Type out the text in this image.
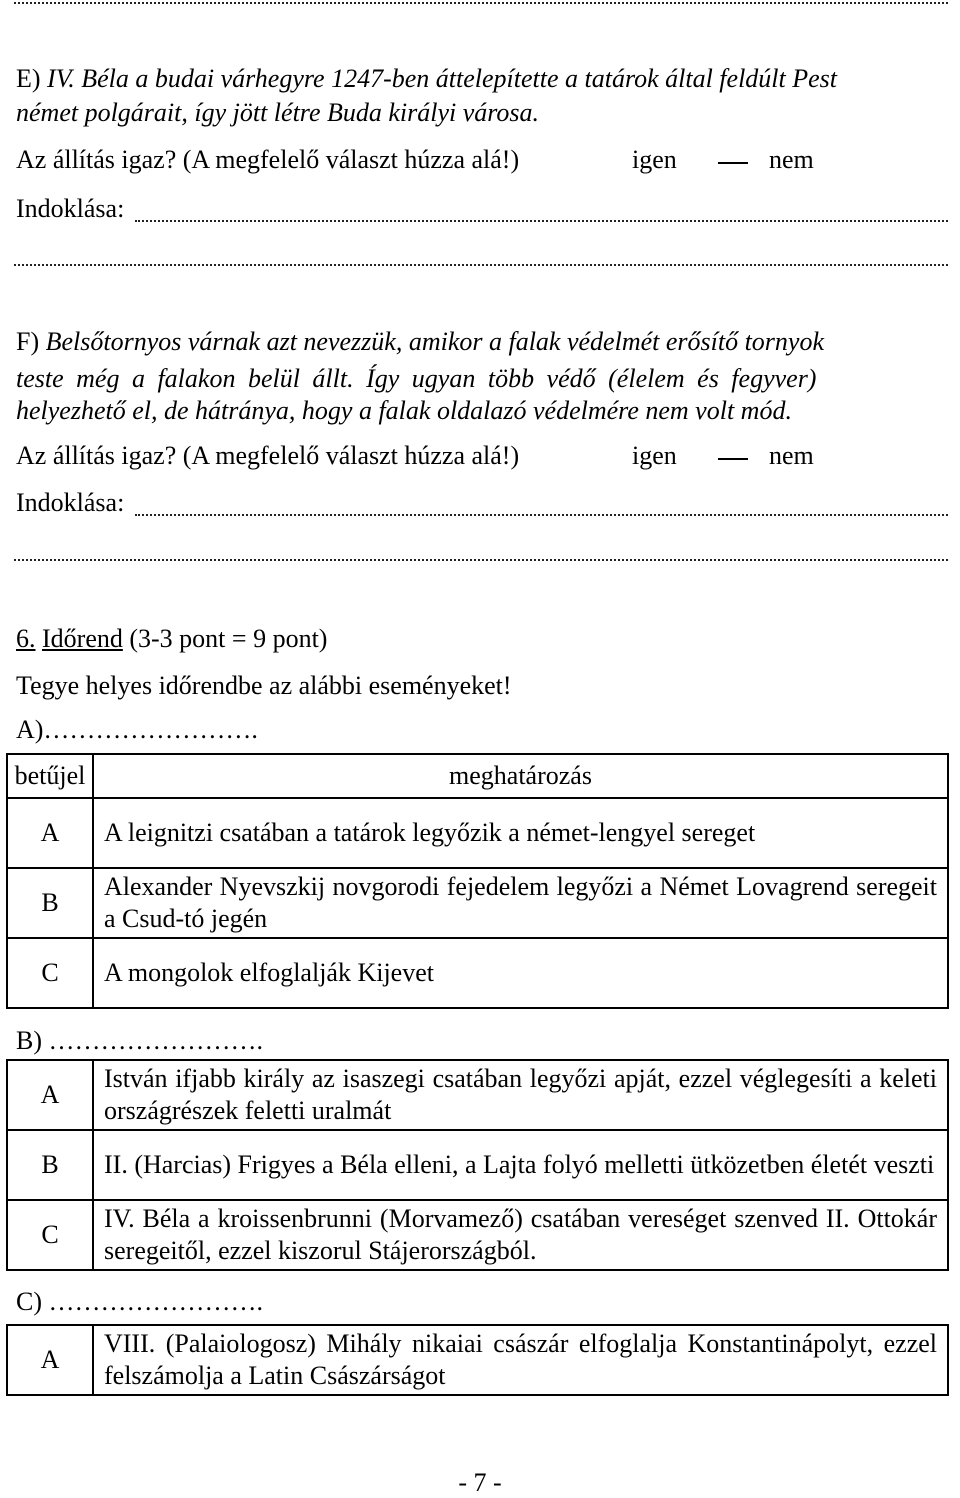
E) IV. Béla a budai várhegyre 1247-ben áttelepítette a tatárok által feldúlt Pest
német polgárait, így jött létre Buda királyi városa.
Az állítás igaz? (A megfelelő választ húzza alá!)	igen	nem
Indoklása:
F) Belsőtornyos várnak azt nevezzük, amikor a falak védelmét erősítő tornyok
teste még a falakon belül állt. Így ugyan több védő (élelem és fegyver)
helyezhető el, de hátránya, hogy a falak oldalazó védelmére nem volt mód.
Az állítás igaz? (A megfelelő választ húzza alá!)	igen	nem
Indoklása:
6. Időrend (3-3 pont = 9 pont)
Tegye helyes időrendbe az alábbi eseményeket!
A)…………………….
betűjel	meghatározás
A	A leignitzi csatában a tatárok legyőzik a német-lengyel sereget
B	Alexander Nyevszkij novgorodi fejedelem legyőzi a Német Lovagrend seregeit a Csud-tó jegén
C	A mongolok elfoglalják Kijevet
B) …………………….
A	István ifjabb király az isaszegi csatában legyőzi apját, ezzel véglegesíti a keleti országrészek feletti uralmát
B	II. (Harcias) Frigyes a Béla elleni, a Lajta folyó melletti ütközetben életét veszti
C	IV. Béla a kroissenbrunni (Morvamező) csatában vereséget szenved II. Ottokár seregeitől, ezzel kiszorul Stájerországból.
C) …………………….
A	VIII. (Palaiologosz) Mihály nikaiai császár elfoglalja Konstantinápolyt, ezzel felszámolja a Latin Császárságot
- 7 -
